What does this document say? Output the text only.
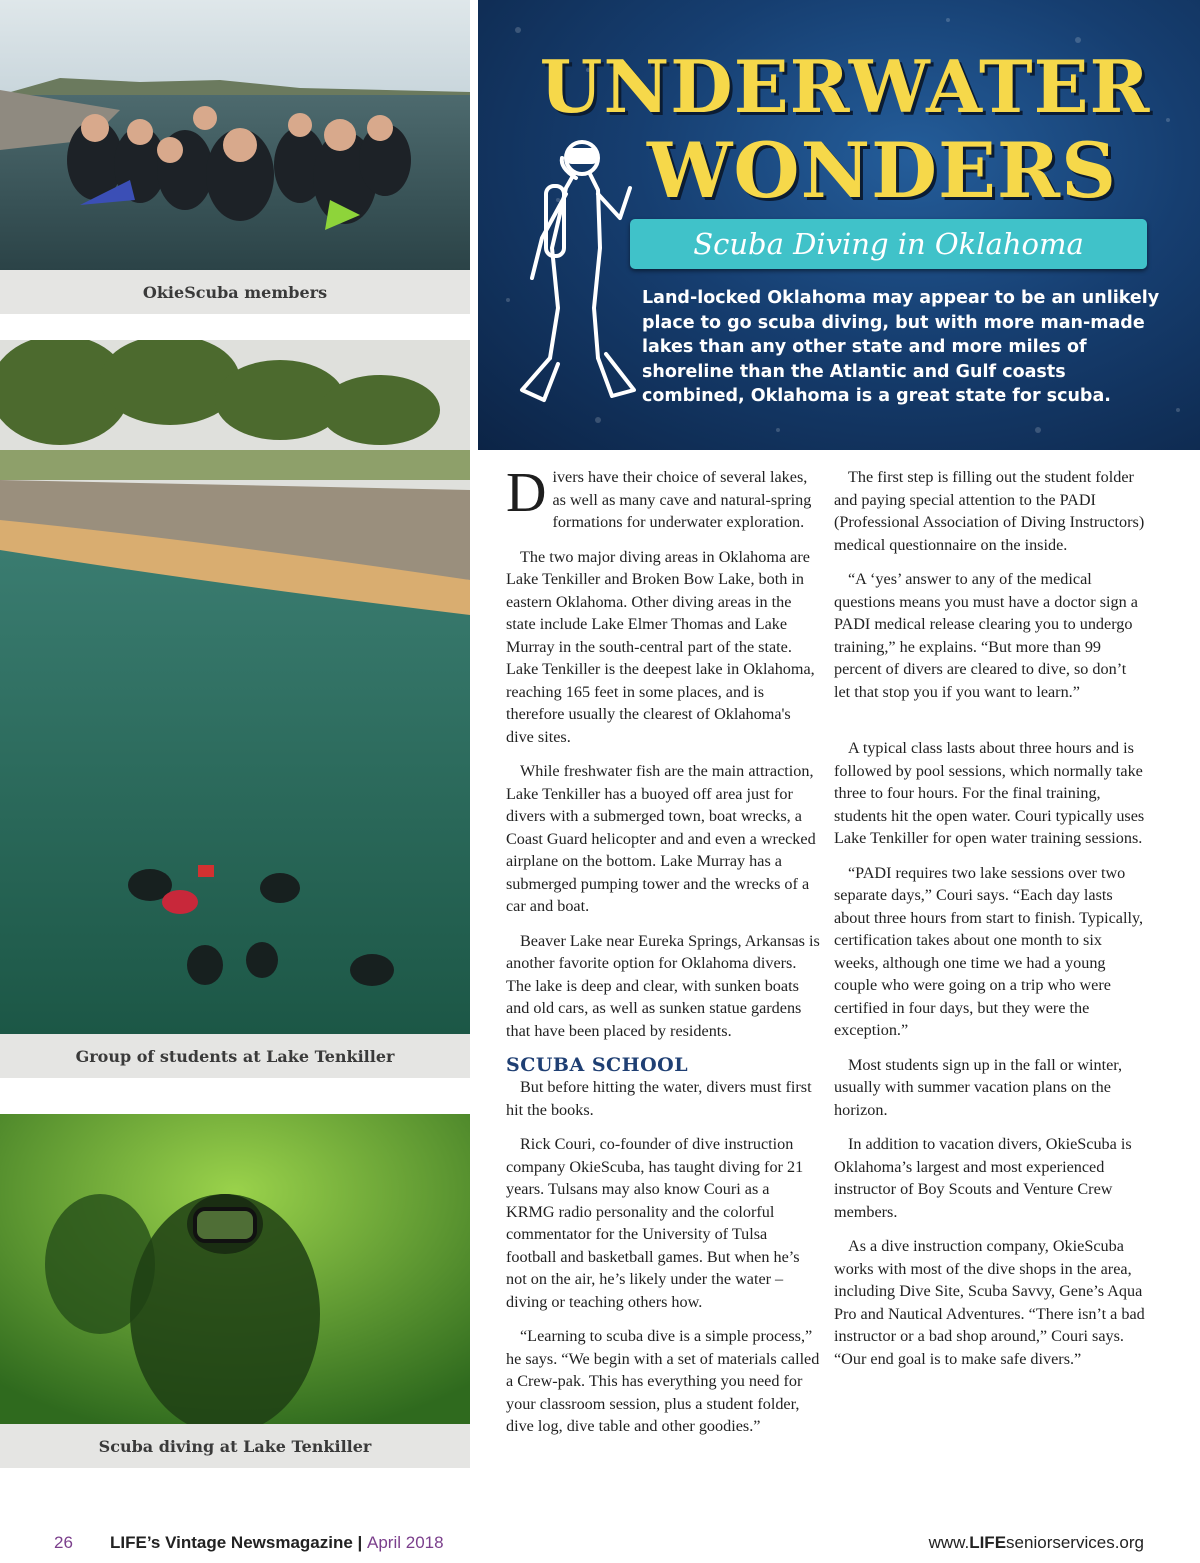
OkieScuba members
Group of students at Lake Tenkiller
Scuba diving at Lake Tenkiller
UNDERWATER
WONDERS
Scuba Diving in Oklahoma

Land-locked Oklahoma may appear to be an unlikely place to go scuba diving, but with more man-made lakes than any other state and more miles of shoreline than the Atlantic and Gulf coasts combined, Oklahoma is a great state for scuba.

Divers have their choice of several lakes, as well as many cave and natural-spring formations for underwater exploration.

The two major diving areas in Oklahoma are Lake Tenkiller and Broken Bow Lake, both in eastern Oklahoma. Other diving areas in the state include Lake Elmer Thomas and Lake Murray in the south-central part of the state. Lake Tenkiller is the deepest lake in Oklahoma, reaching 165 feet in some places, and is therefore usually the clearest of Oklahoma's dive sites.

While freshwater fish are the main attraction, Lake Tenkiller has a buoyed off area just for divers with a submerged town, boat wrecks, a Coast Guard helicopter and and even a wrecked airplane on the bottom. Lake Murray has a submerged pumping tower and the wrecks of a car and boat.

Beaver Lake near Eureka Springs, Arkansas is another favorite option for Oklahoma divers. The lake is deep and clear, with sunken boats and old cars, as well as sunken statue gardens that have been placed by residents.

SCUBA SCHOOL

But before hitting the water, divers must first hit the books.

Rick Couri, co-founder of dive instruction company OkieScuba, has taught diving for 21 years. Tulsans may also know Couri as a KRMG radio personality and the colorful commentator for the University of Tulsa football and basketball games. But when he’s not on the air, he’s likely under the water – diving or teaching others how.

“Learning to scuba dive is a simple process,” he says. “We begin with a set of materials called a Crew-pak. This has everything you need for your classroom session, plus a student folder, dive log, dive table and other goodies.”

The first step is filling out the student folder and paying special attention to the PADI (Professional Association of Diving Instructors) medical questionnaire on the inside.

“A ‘yes’ answer to any of the medical questions means you must have a doctor sign a PADI medical release clearing you to undergo training,” he explains. “But more than 99 percent of divers are cleared to dive, so don’t let that stop you if you want to learn.”

A typical class lasts about three hours and is followed by pool sessions, which normally take three to four hours. For the final training, students hit the open water. Couri typically uses Lake Tenkiller for open water training sessions.

“PADI requires two lake sessions over two separate days,” Couri says. “Each day lasts about three hours from start to finish. Typically, certification takes about one month to six weeks, although one time we had a young couple who were going on a trip who were certified in four days, but they were the exception.”

Most students sign up in the fall or winter, usually with summer vacation plans on the horizon.

In addition to vacation divers, OkieScuba is Oklahoma’s largest and most experienced instructor of Boy Scouts and Venture Crew members.

As a dive instruction company, OkieScuba works with most of the dive shops in the area, including Dive Site, Scuba Savvy, Gene’s Aqua Pro and Nautical Adventures. “There isn’t a bad instructor or a bad shop around,” Couri says. “Our end goal is to make safe divers.”

26 LIFE’s Vintage Newsmagazine | April 2018	www.LIFEseniorservices.org
